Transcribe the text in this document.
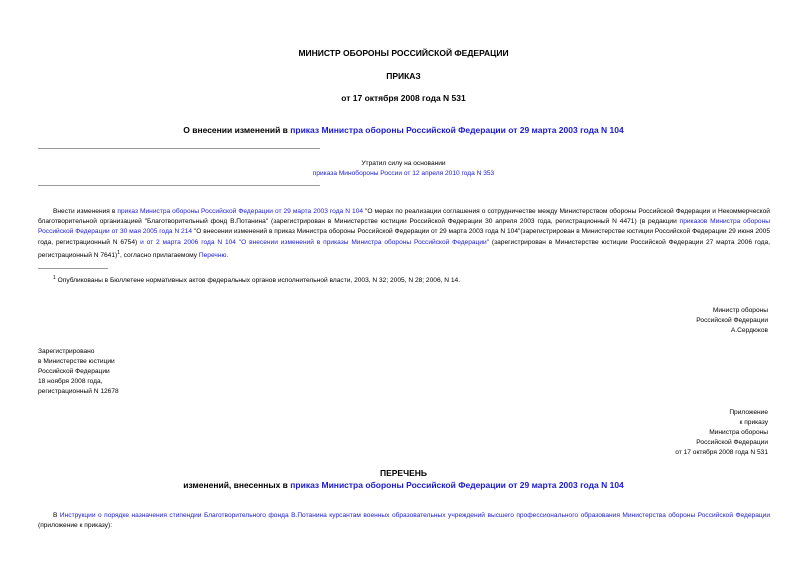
МИНИСТР ОБОРОНЫ РОССИЙСКОЙ ФЕДЕРАЦИИ
ПРИКАЗ
от 17 октября 2008 года N 531
О внесении изменений в приказ Министра обороны Российской Федерации от 29 марта 2003 года N 104
Утратил силу на основании
приказа Минобороны России от 12 апреля 2010 года N 353
Внести изменения в приказ Министра обороны Российской Федерации от 29 марта 2003 года N 104 "О мерах по реализации соглашения о сотрудничестве между Министерством обороны Российской Федерации и Некоммерческой благотворительной организацией "Благотворительный фонд В.Потанина" (зарегистрирован в Министерстве юстиции Российской Федерации 30 апреля 2003 года, регистрационный N 4471) (в редакции приказов Министра обороны Российской Федерации от 30 мая 2005 года N 214 "О внесении изменений в приказ Министра обороны Российской Федерации от 29 марта 2003 года N 104"(зарегистрирован в Министерстве юстиции Российской Федерации 29 июня 2005 года, регистрационный N 6754) и от 2 марта 2006 года N 104 "О внесении изменений в приказы Министра обороны Российской Федерации" (зарегистрирован в Министерстве юстиции Российской Федерации 27 марта 2006 года, регистрационный N 7641)$^1$, согласно прилагаемому Перечню.
$^1$ Опубликованы в Бюллетене нормативных актов федеральных органов исполнительной власти, 2003, N 32; 2005, N 28; 2006, N 14.
Министр обороны
Российской Федерации
А.Сердюков
Зарегистрировано
в Министерстве юстиции
Российской Федерации
18 ноября 2008 года,
регистрационный N 12678
Приложение
к приказу
Министра обороны
Российской Федерации
от 17 октября 2008 года N 531
ПЕРЕЧЕНЬ
изменений, внесенных в приказ Министра обороны Российской Федерации от 29 марта 2003 года N 104
В Инструкции о порядке назначения стипендии Благотворительного фонда В.Потанина курсантам военных образовательных учреждений высшего профессионального образования Министерства обороны Российской Федерации (приложение к приказу):
